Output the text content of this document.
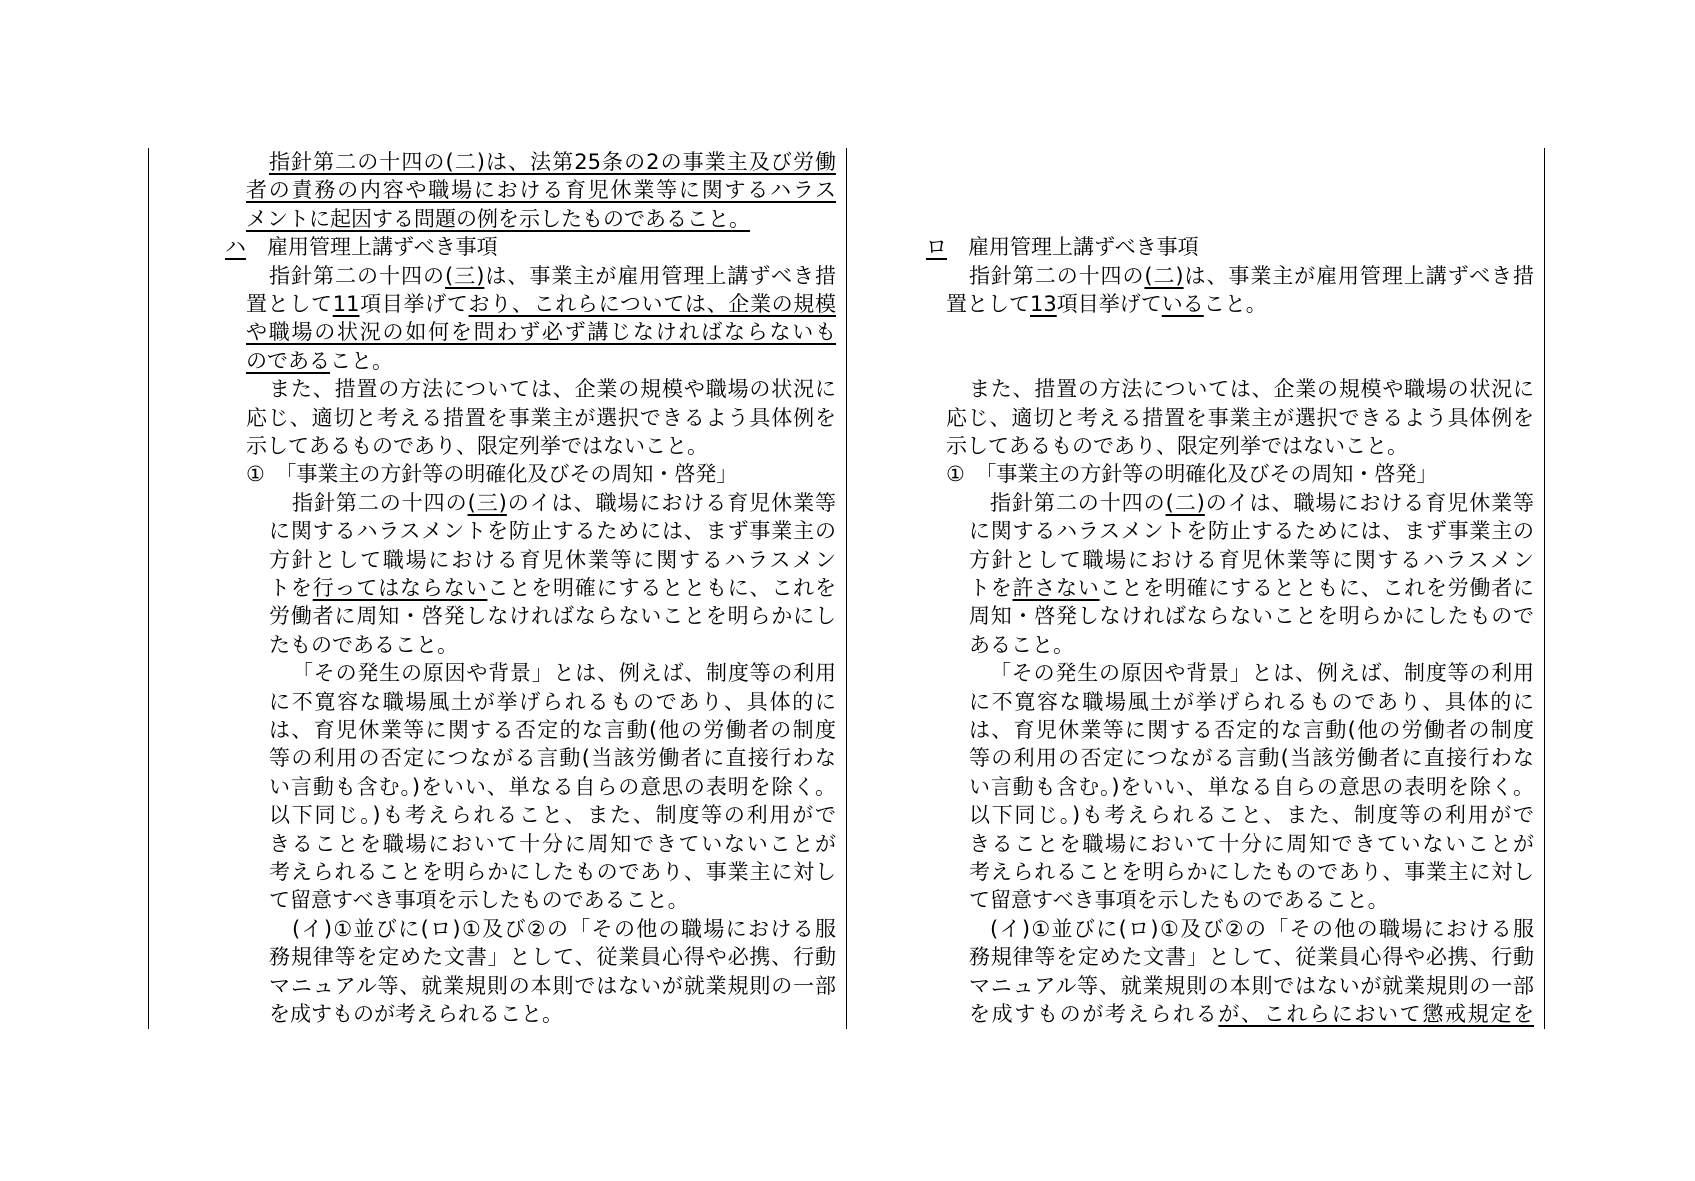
指針第二の十四の(二)は、法第25条の2の事業主及び労働
者の責務の内容や職場における育児休業等に関するハラス
メントに起因する問題の例を示したものであること。
ハ　雇用管理上講ずべき事項
指針第二の十四の(三)は、事業主が雇用管理上講ずべき措
置として11項目挙げており、これらについては、企業の規模
や職場の状況の如何を問わず必ず講じなければならないも
のであること。
また、措置の方法については、企業の規模や職場の状況に
応じ、適切と考える措置を事業主が選択できるよう具体例を
示してあるものであり、限定列挙ではないこと。
①　「事業主の方針等の明確化及びその周知・啓発」
指針第二の十四の(三)のイは、職場における育児休業等
に関するハラスメントを防止するためには、まず事業主の
方針として職場における育児休業等に関するハラスメン
トを行ってはならないことを明確にするとともに、これを
労働者に周知・啓発しなければならないことを明らかにし
たものであること。
「その発生の原因や背景」とは、例えば、制度等の利用
に不寛容な職場風土が挙げられるものであり、具体的に
は、育児休業等に関する否定的な言動(他の労働者の制度
等の利用の否定につながる言動(当該労働者に直接行わな
い言動も含む。)をいい、単なる自らの意思の表明を除く。
以下同じ。)も考えられること、また、制度等の利用がで
きることを職場において十分に周知できていないことが
考えられることを明らかにしたものであり、事業主に対し
て留意すべき事項を示したものであること。
(イ)①並びに(ロ)①及び②の「その他の職場における服
務規律等を定めた文書」として、従業員心得や必携、行動
マニュアル等、就業規則の本則ではないが就業規則の一部
を成すものが考えられること。
ロ　雇用管理上講ずべき事項
指針第二の十四の(二)は、事業主が雇用管理上講ずべき措
置として13項目挙げていること。
また、措置の方法については、企業の規模や職場の状況に
応じ、適切と考える措置を事業主が選択できるよう具体例を
示してあるものであり、限定列挙ではないこと。
①　「事業主の方針等の明確化及びその周知・啓発」
指針第二の十四の(二)のイは、職場における育児休業等
に関するハラスメントを防止するためには、まず事業主の
方針として職場における育児休業等に関するハラスメン
トを許さないことを明確にするとともに、これを労働者に
周知・啓発しなければならないことを明らかにしたもので
あること。
「その発生の原因や背景」とは、例えば、制度等の利用
に不寛容な職場風土が挙げられるものであり、具体的に
は、育児休業等に関する否定的な言動(他の労働者の制度
等の利用の否定につながる言動(当該労働者に直接行わな
い言動も含む。)をいい、単なる自らの意思の表明を除く。
以下同じ。)も考えられること、また、制度等の利用がで
きることを職場において十分に周知できていないことが
考えられることを明らかにしたものであり、事業主に対し
て留意すべき事項を示したものであること。
(イ)①並びに(ロ)①及び②の「その他の職場における服
務規律等を定めた文書」として、従業員心得や必携、行動
マニュアル等、就業規則の本則ではないが就業規則の一部
を成すものが考えられるが、これらにおいて懲戒規定を
